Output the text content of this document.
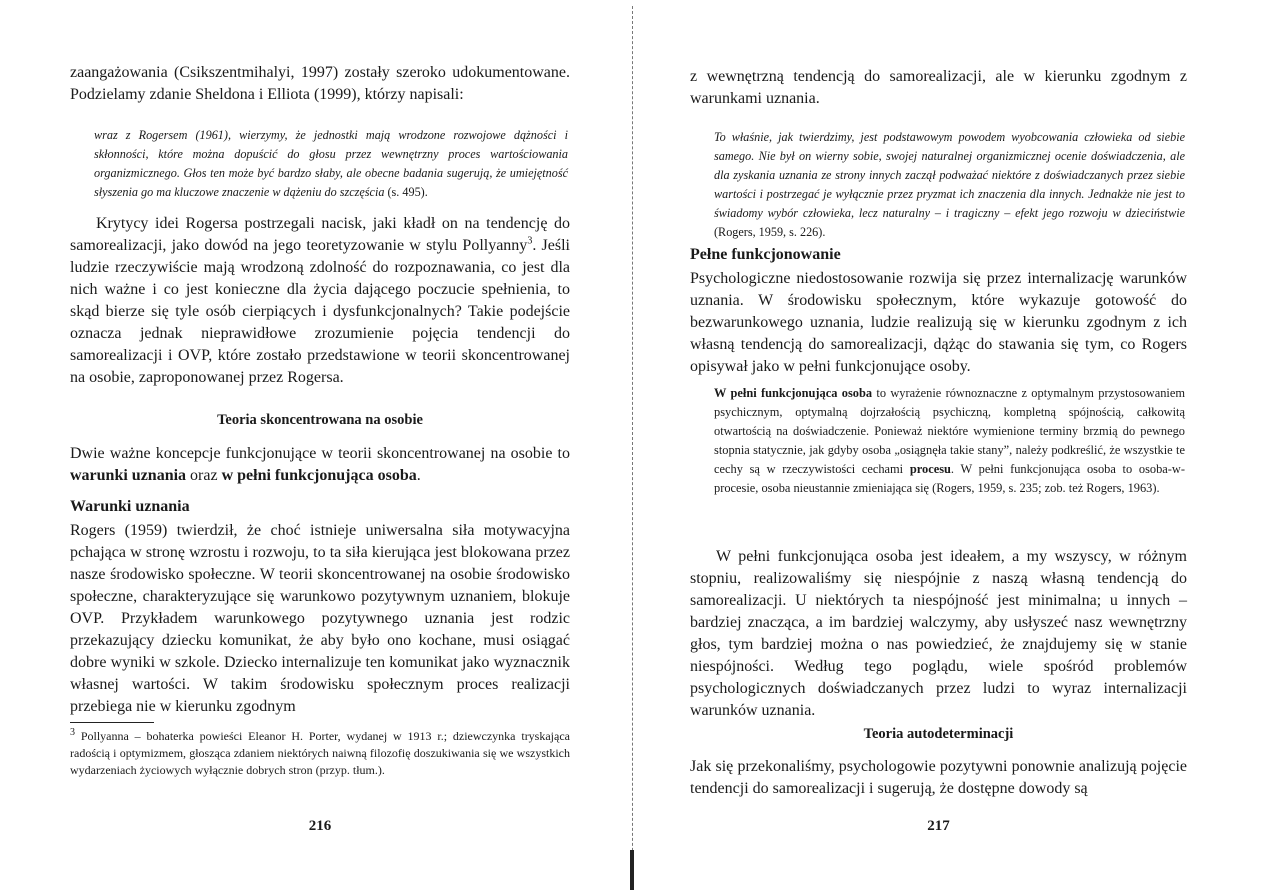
zaangażowania (Csikszentmihalyi, 1997) zostały szeroko udokumentowane. Podzielamy zdanie Sheldona i Elliota (1999), którzy napisali:

wraz z Rogersem (1961), wierzymy, że jednostki mają wrodzone rozwojowe dążności i skłonności, które można dopuścić do głosu przez wewnętrzny proces wartościowania organizmicznego. Głos ten może być bardzo słaby, ale obecne badania sugerują, że umiejętność słyszenia go ma kluczowe znaczenie w dążeniu do szczęścia (s. 495).

Krytycy idei Rogersa postrzegali nacisk, jaki kładł on na tendencję do samorealizacji, jako dowód na jego teoretyzowanie w stylu Pollyanny$^3$. Jeśli ludzie rzeczywiście mają wrodzoną zdolność do rozpoznawania, co jest dla nich ważne i co jest konieczne dla życia dającego poczucie spełnienia, to skąd bierze się tyle osób cierpiących i dysfunkcjonalnych? Takie podejście oznacza jednak nieprawidłowe zrozumienie pojęcia tendencji do samorealizacji i OVP, które zostało przedstawione w teorii skoncentrowanej na osobie, zaproponowanej przez Rogersa.

Teoria skoncentrowana na osobie

Dwie ważne koncepcje funkcjonujące w teorii skoncentrowanej na osobie to warunki uznania oraz w pełni funkcjonująca osoba.

Warunki uznania

Rogers (1959) twierdził, że choć istnieje uniwersalna siła motywacyjna pchająca w stronę wzrostu i rozwoju, to ta siła kierująca jest blokowana przez nasze środowisko społeczne. W teorii skoncentrowanej na osobie środowisko społeczne, charakteryzujące się warunkowo pozytywnym uznaniem, blokuje OVP. Przykładem warunkowego pozytywnego uznania jest rodzic przekazujący dziecku komunikat, że aby było ono kochane, musi osiągać dobre wyniki w szkole. Dziecko internalizuje ten komunikat jako wyznacznik własnej wartości. W takim środowisku społecznym proces realizacji przebiega nie w kierunku zgodnym

$^3$ Pollyanna – bohaterka powieści Eleanor H. Porter, wydanej w 1913 r.; dziewczynka tryskająca radością i optymizmem, głosząca zdaniem niektórych naiwną filozofię doszukiwania się we wszystkich wydarzeniach życiowych wyłącznie dobrych stron (przyp. tłum.).

216

z wewnętrzną tendencją do samorealizacji, ale w kierunku zgodnym z warunkami uznania.

To właśnie, jak twierdzimy, jest podstawowym powodem wyobcowania człowieka od siebie samego. Nie był on wierny sobie, swojej naturalnej organizmicznej ocenie doświadczenia, ale dla zyskania uznania ze strony innych zaczął podważać niektóre z doświadczanych przez siebie wartości i postrzegać je wyłącznie przez pryzmat ich znaczenia dla innych. Jednakże nie jest to świadomy wybór człowieka, lecz naturalny – i tragiczny – efekt jego rozwoju w dzieciństwie (Rogers, 1959, s. 226).

Pełne funkcjonowanie

Psychologiczne niedostosowanie rozwija się przez internalizację warunków uznania. W środowisku społecznym, które wykazuje gotowość do bezwarunkowego uznania, ludzie realizują się w kierunku zgodnym z ich własną tendencją do samorealizacji, dążąc do stawania się tym, co Rogers opisywał jako w pełni funkcjonujące osoby.

W pełni funkcjonująca osoba to wyrażenie równoznaczne z optymalnym przystosowaniem psychicznym, optymalną dojrzałością psychiczną, kompletną spójnością, całkowitą otwartością na doświadczenie. Ponieważ niektóre wymienione terminy brzmią do pewnego stopnia statycznie, jak gdyby osoba „osiągnęła takie stany”, należy podkreślić, że wszystkie te cechy są w rzeczywistości cechami procesu. W pełni funkcjonująca osoba to osoba-w-procesie, osoba nieustannie zmieniająca się (Rogers, 1959, s. 235; zob. też Rogers, 1963).

W pełni funkcjonująca osoba jest ideałem, a my wszyscy, w różnym stopniu, realizowaliśmy się niespójnie z naszą własną tendencją do samorealizacji. U niektórych ta niespójność jest minimalna; u innych – bardziej znacząca, a im bardziej walczymy, aby usłyszeć nasz wewnętrzny głos, tym bardziej można o nas powiedzieć, że znajdujemy się w stanie niespójności. Według tego poglądu, wiele spośród problemów psychologicznych doświadczanych przez ludzi to wyraz internalizacji warunków uznania.

Teoria autodeterminacji

Jak się przekonaliśmy, psychologowie pozytywni ponownie analizują pojęcie tendencji do samorealizacji i sugerują, że dostępne dowody są

217
